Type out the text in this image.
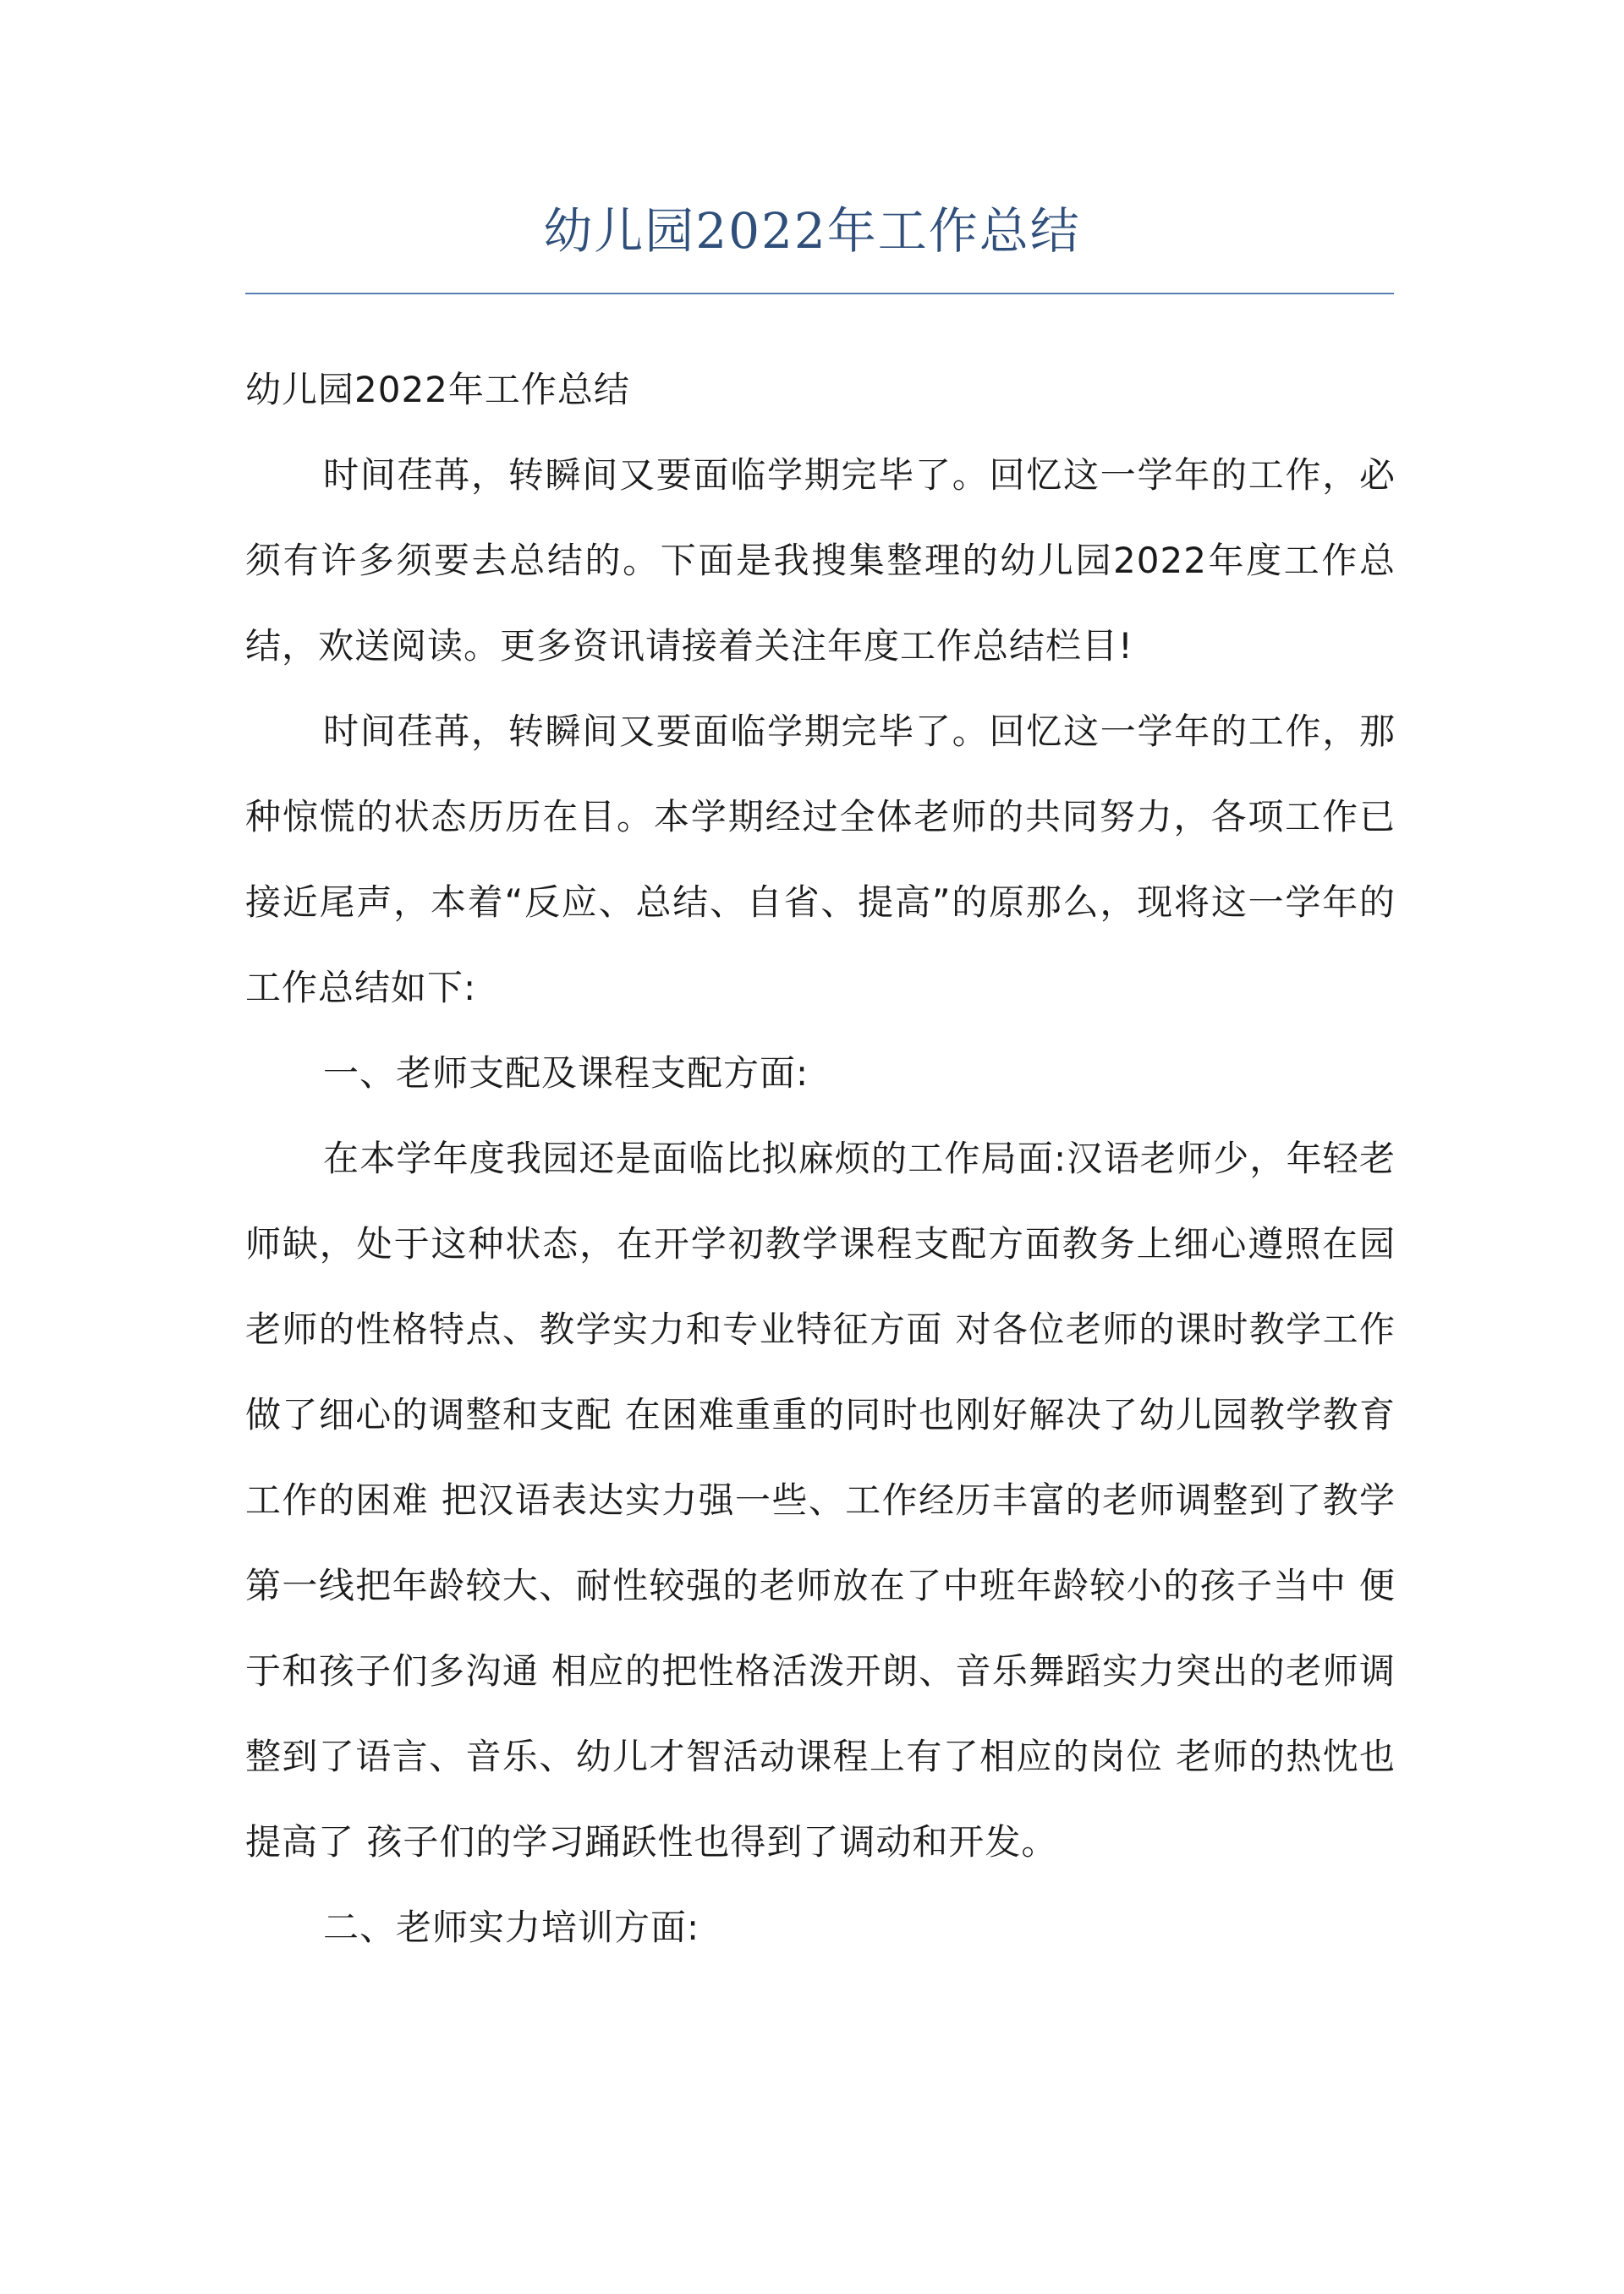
幼儿园2022年工作总结

幼儿园2022年工作总结

时间荏苒，转瞬间又要面临学期完毕了。回忆这一学年的工作，必须有许多须要去总结的。下面是我搜集整理的幼儿园2022年度工作总结，欢送阅读。更多资讯请接着关注年度工作总结栏目!

时间荏苒，转瞬间又要面临学期完毕了。回忆这一学年的工作，那种惊慌的状态历历在目。本学期经过全体老师的共同努力，各项工作已接近尾声，本着“反应、总结、自省、提高”的原那么，现将这一学年的工作总结如下:

一、老师支配及课程支配方面:

在本学年度我园还是面临比拟麻烦的工作局面:汉语老师少，年轻老师缺，处于这种状态，在开学初教学课程支配方面教务上细心遵照在园老师的性格特点、教学实力和专业特征方面 对各位老师的课时教学工作做了细心的调整和支配 在困难重重的同时也刚好解决了幼儿园教学教育工作的困难 把汉语表达实力强一些、工作经历丰富的老师调整到了教学第一线把年龄较大、耐性较强的老师放在了中班年龄较小的孩子当中 便于和孩子们多沟通 相应的把性格活泼开朗、音乐舞蹈实力突出的老师调整到了语言、音乐、幼儿才智活动课程上有了相应的岗位 老师的热忱也提高了 孩子们的学习踊跃性也得到了调动和开发。

二、老师实力培训方面:
